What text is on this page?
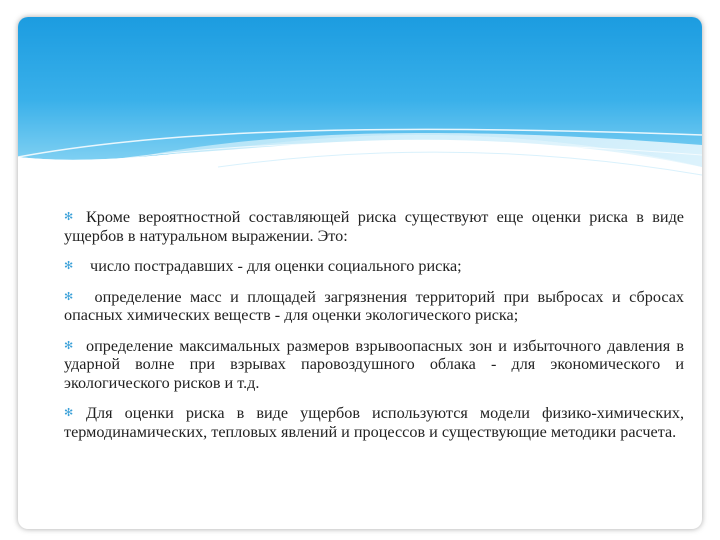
✻ Кроме вероятностной составляющей риска существуют еще оценки риска в виде ущербов в натуральном выражении. Это:

✻ число пострадавших - для оценки социального риска;

✻ определение масс и площадей загрязнения территорий при выбросах и сбросах опасных химических веществ - для оценки экологического риска;

✻ определение максимальных размеров взрывоопасных зон и избыточного давления в ударной волне при взрывах паровоздушного облака - для экономического и экологического рисков и т.д.

✻ Для оценки риска в виде ущербов используются модели физико-химических, термодинамических, тепловых явлений и процессов и существующие методики расчета.
